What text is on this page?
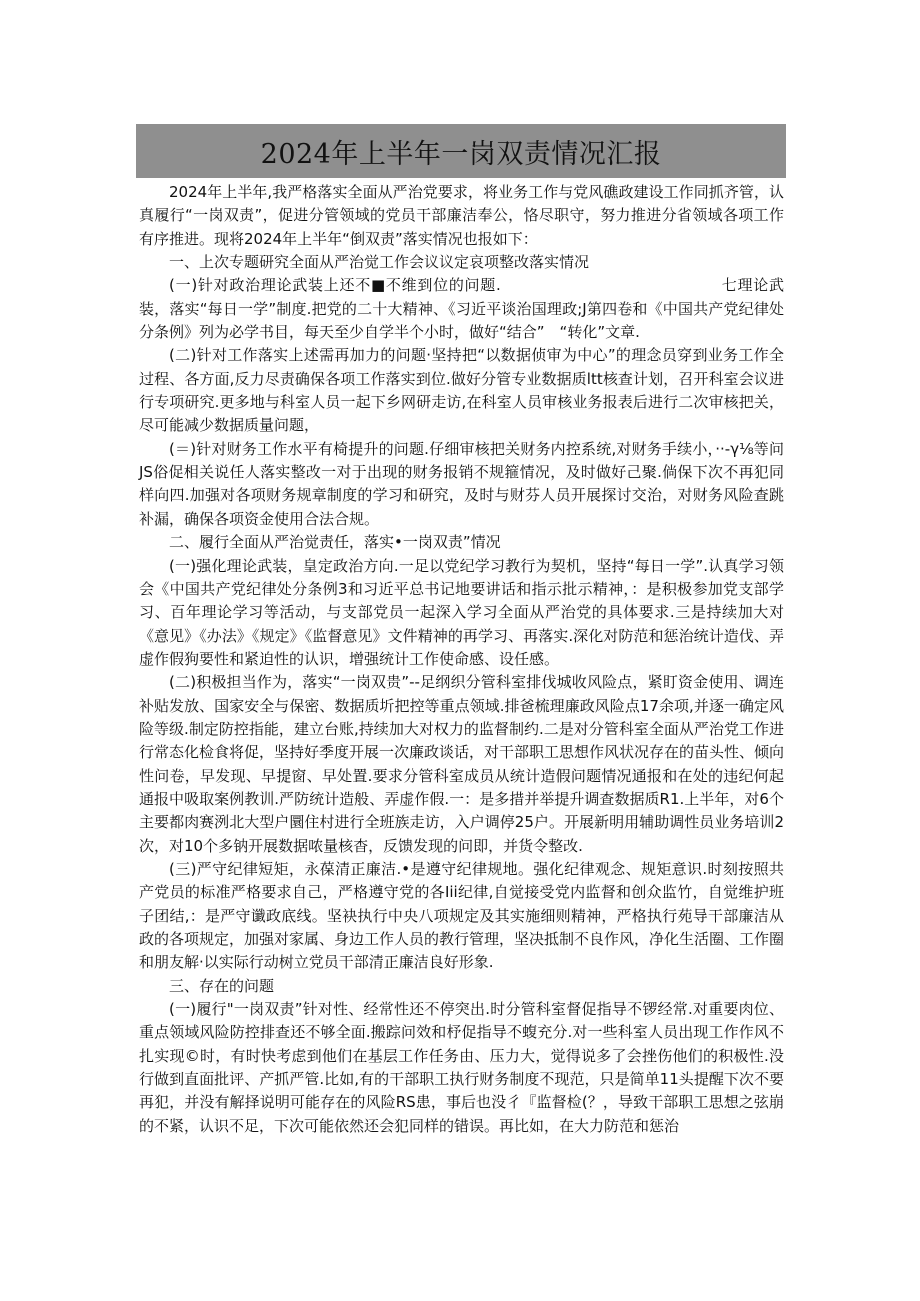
2024年上半年一岗双责情况汇报

2024年上半年,我严格落实全面从严治党要求，将业务工作与党风礁政建设工作同抓齐管，认真履行“一岗双责”，促进分管领域的党员干部廉洁奉公，恪尽职守，努力推进分省领域各项工作有序推进。现将2024年上半年“倒双责”落实情况也报如下：

一、上次专题研究全面从严治觉工作会议议定哀项整改落实情况

(一)针对政治理论武装上还不■不维到位的问题.　　　　　　　　　　　　　　七理论武装，落实“每日一学”制度.把党的二十大精神、《习近平谈治国理政;J第四卷和《中国共产党纪律处分条例》列为必学书目，每天至少自学半个小时，做好“结合”　“转化”文章.

(二)针对工作落实上述需再加力的问题·坚持把“以数据侦审为中心”的理念员穿到业务工作全过程、各方面,反力尽责确保各项工作落实到位.做好分管专业数据质ltt核查计划，召开科室会议进行专项研究.更多地与科室人员一起下乡网研走访,在科室人员审核业务报表后进行二次审核把关，尽可能减少数据质量问题，

(＝)针对财务工作水平有椅提升的问题.仔细审核把关财务内控系统,对财务手续小，··-γ⅛等问JS俗促相关说任人落实整改一对于出现的财务报销不规箍情况，及时做好己聚.倘保下次不再犯同样向四.加强对各项财务规章制度的学习和研究，及时与财芬人员开展探讨交治，对财务风险查跳补漏，确保各项资金使用合法合规。

二、履行全面从严治觉责任，落实•一岗双责”情况

(一)强化理论武装，皇定政治方向.一足以党纪学习教行为契机，坚持“每日一学”.认真学习领会《中国共产党纪律处分条例3和习近平总书记地要讲话和指示批示精神，：是积极参加党支部学习、百年理论学习等活动，与支部党员一起深入学习全面从严治党的具体要求.三是持续加大对《意见》《办法》《规定》《监督意见》文件精神的再学习、再落实.深化对防范和惩治统计造伐、弄虚作假狗要性和紧迫性的认识，增强统计工作使命感、设任感。

(二)积极担当作为，落实“一岗双贵”--足纲织分管科室排伐城收风险点，紧盯资金使用、调连补贴发放、国家安全与保密、数据质圻把控等重点领域.排爸梳理廉政风险点17余项,并逐一确定风险等级.制定防控指能，建立台账,持续加大对权力的监督制约.二是对分管科室全面从严治党工作进行常态化检食将促，坚持好季度开展一次廉政谈话，对干部职工思想作风状况存在的苗头性、倾向性问卷，早发现、早提窗、早处置.要求分管科室成员从统计造假问题情况通报和在处的违纪何起通报中吸取案例教训.严防统计造般、弄虚作假.一：是多措并举提升调查数据质R1.上半年，对6个主要都肉赛洌北大型户圜住村进行全班族走访，入户调停25户。开展新明用辅助调性员业务培训2次，对10个多钠开展数据哝量核杳，反馈发现的问即，并货令整改.

(三)严守纪律短矩，永葆清正廉洁.•是遵守纪律规地。强化纪律观念、规矩意识.时刻按照共产党员的标准严格要求自己，严格遵守党的各Iii纪律,自觉接受党内监督和创众监竹，自觉维护班子团结,：是严守谶政底线。坚袂执行中央八项规定及其实施细则精神，严格执行苑导干部廉洁从政的各项规定，加强对家属、身边工作人员的教行管理，坚决抵制不良作风，净化生活圈、工作圈和朋友解·以实际行动树立党员干部清正廉洁良好形象.

三、存在的问题

(一)履行"一岗双责”针对性、经常性还不停突出.时分管科室督促指导不锣经常.对重要肉位、重点领域风险防控排查还不够全面.搬踪问效和杼促指导不蝮充分.对一些科室人员出现工作作风不扎实现©时，有时快考虑到他们在基层工作任务由、压力大，觉得说多了会挫伤他们的积极性.没行做到直面批评、产抓严管.比如,有的干部职工执行财务制度不现范，只是简单11头提醒下次不要再犯，并没有解择说明可能存在的风险RS患，事后也没彳『监督检(？，导致干部职工思想之弦崩的不紧，认识不足，下次可能依然还会犯同样的错误。再比如，在大力防范和惩治
